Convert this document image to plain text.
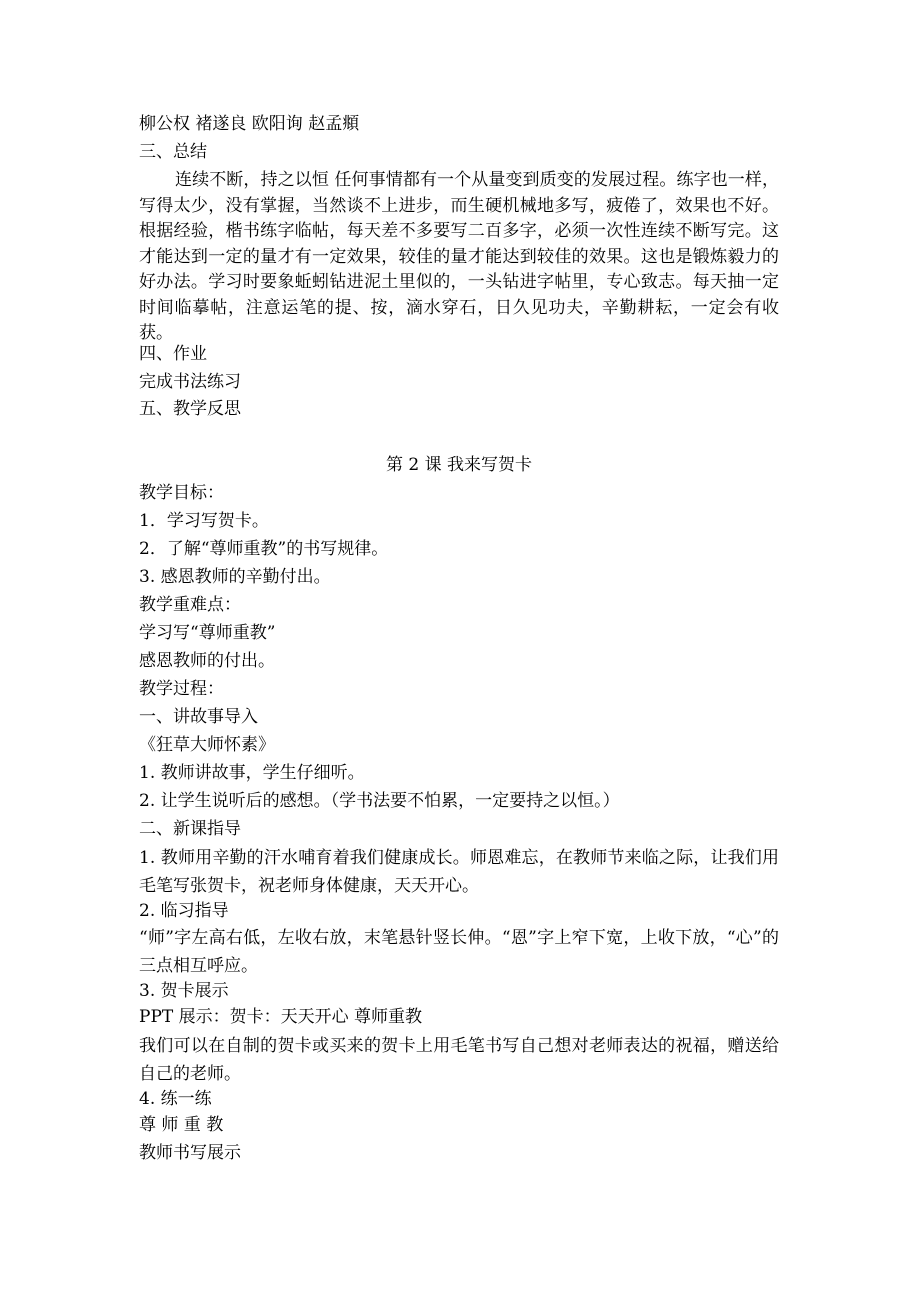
柳公权 褚遂良 欧阳询 赵孟頫
三、总结
连续不断，持之以恒 任何事情都有一个从量变到质变的发展过程。练字也一样，写得太少，没有掌握，当然谈不上进步，而生硬机械地多写，疲倦了，效果也不好。根据经验，楷书练字临帖，每天差不多要写二百多字，必须一次性连续不断写完。这才能达到一定的量才有一定效果，较佳的量才能达到较佳的效果。这也是锻炼毅力的好办法。学习时要象蚯蚓钻进泥土里似的，一头钻进字帖里，专心致志。每天抽一定时间临摹帖，注意运笔的提、按，滴水穿石，日久见功夫，辛勤耕耘，一定会有收获。
四、作业
完成书法练习
五、教学反思
第 2 课 我来写贺卡
教学目标：
1．学习写贺卡。
2．了解“尊师重教”的书写规律。
3. 感恩教师的辛勤付出。
教学重难点：
学习写“尊师重教”
感恩教师的付出。
教学过程：
一、讲故事导入
《狂草大师怀素》
1. 教师讲故事，学生仔细听。
2. 让学生说听后的感想。（学书法要不怕累，一定要持之以恒。）
二、新课指导
1. 教师用辛勤的汗水哺育着我们健康成长。师恩难忘，在教师节来临之际，让我们用毛笔写张贺卡，祝老师身体健康，天天开心。
2. 临习指导
“师”字左高右低，左收右放，末笔悬针竖长伸。“恩”字上窄下宽，上收下放，“心”的三点相互呼应。
3. 贺卡展示
PPT 展示：贺卡：天天开心 尊师重教
我们可以在自制的贺卡或买来的贺卡上用毛笔书写自己想对老师表达的祝福，赠送给自己的老师。
4. 练一练
尊 师 重 教
教师书写展示
